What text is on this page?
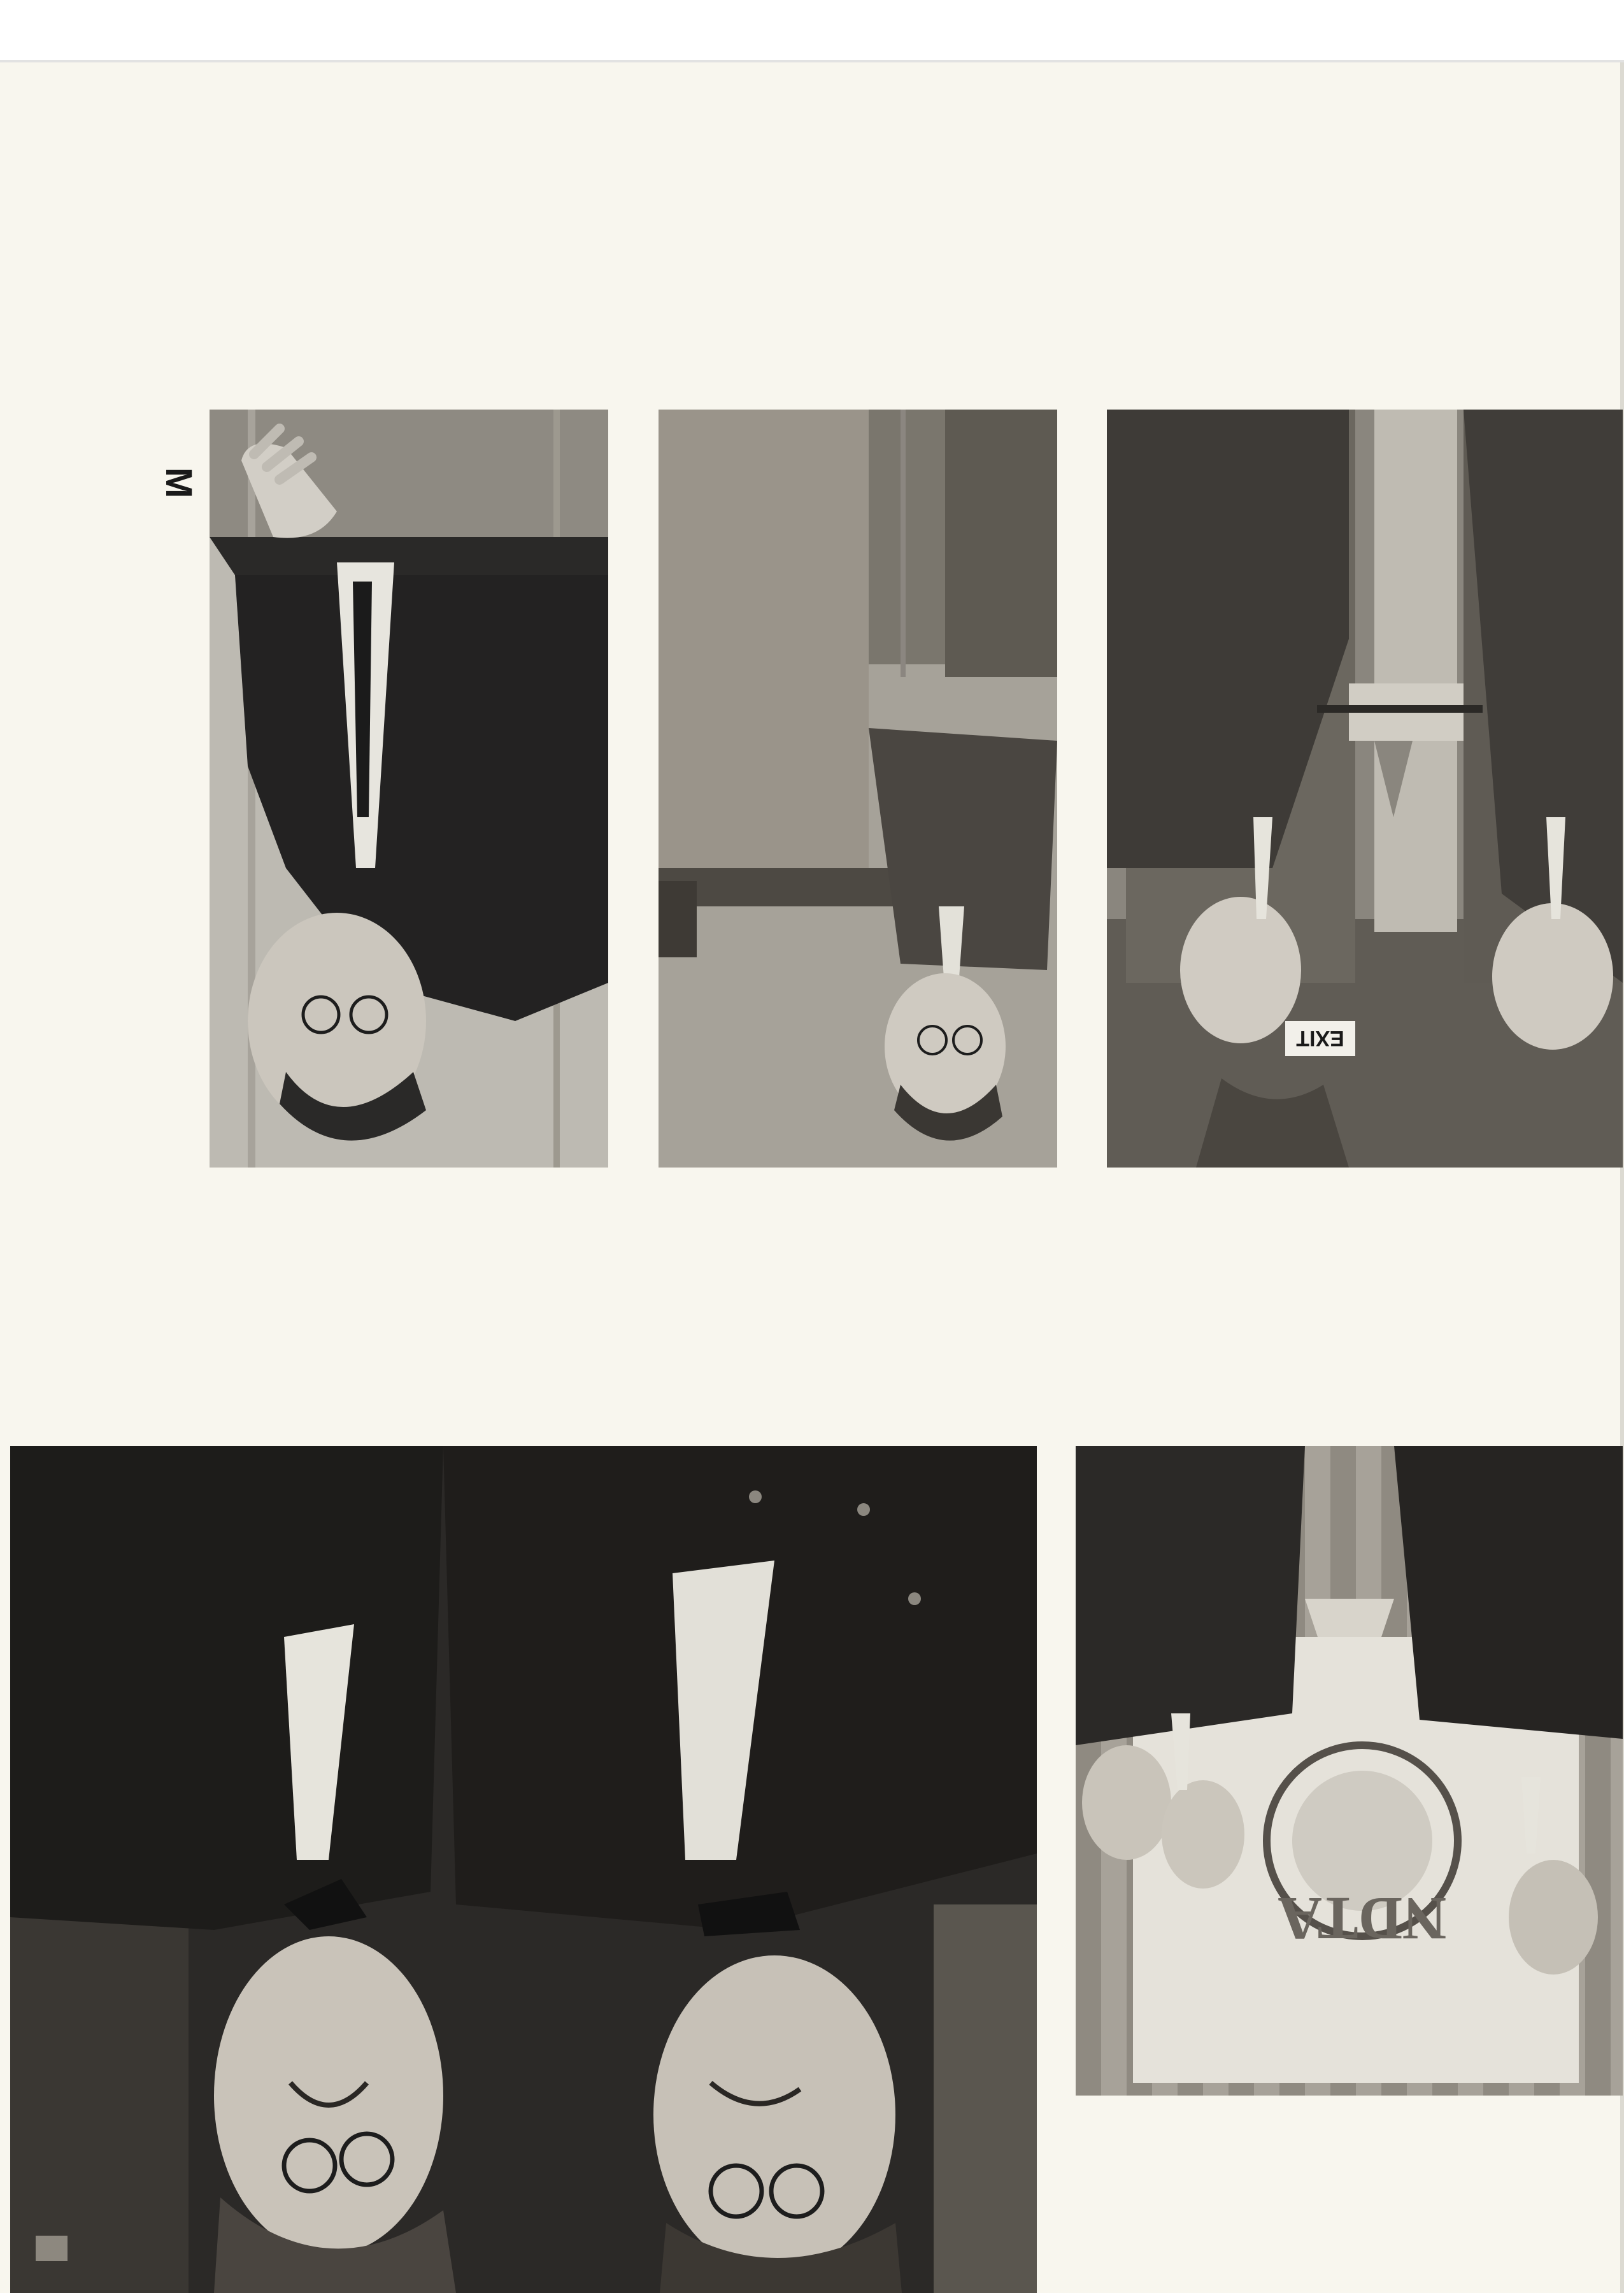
M
EXIT
NDTA
